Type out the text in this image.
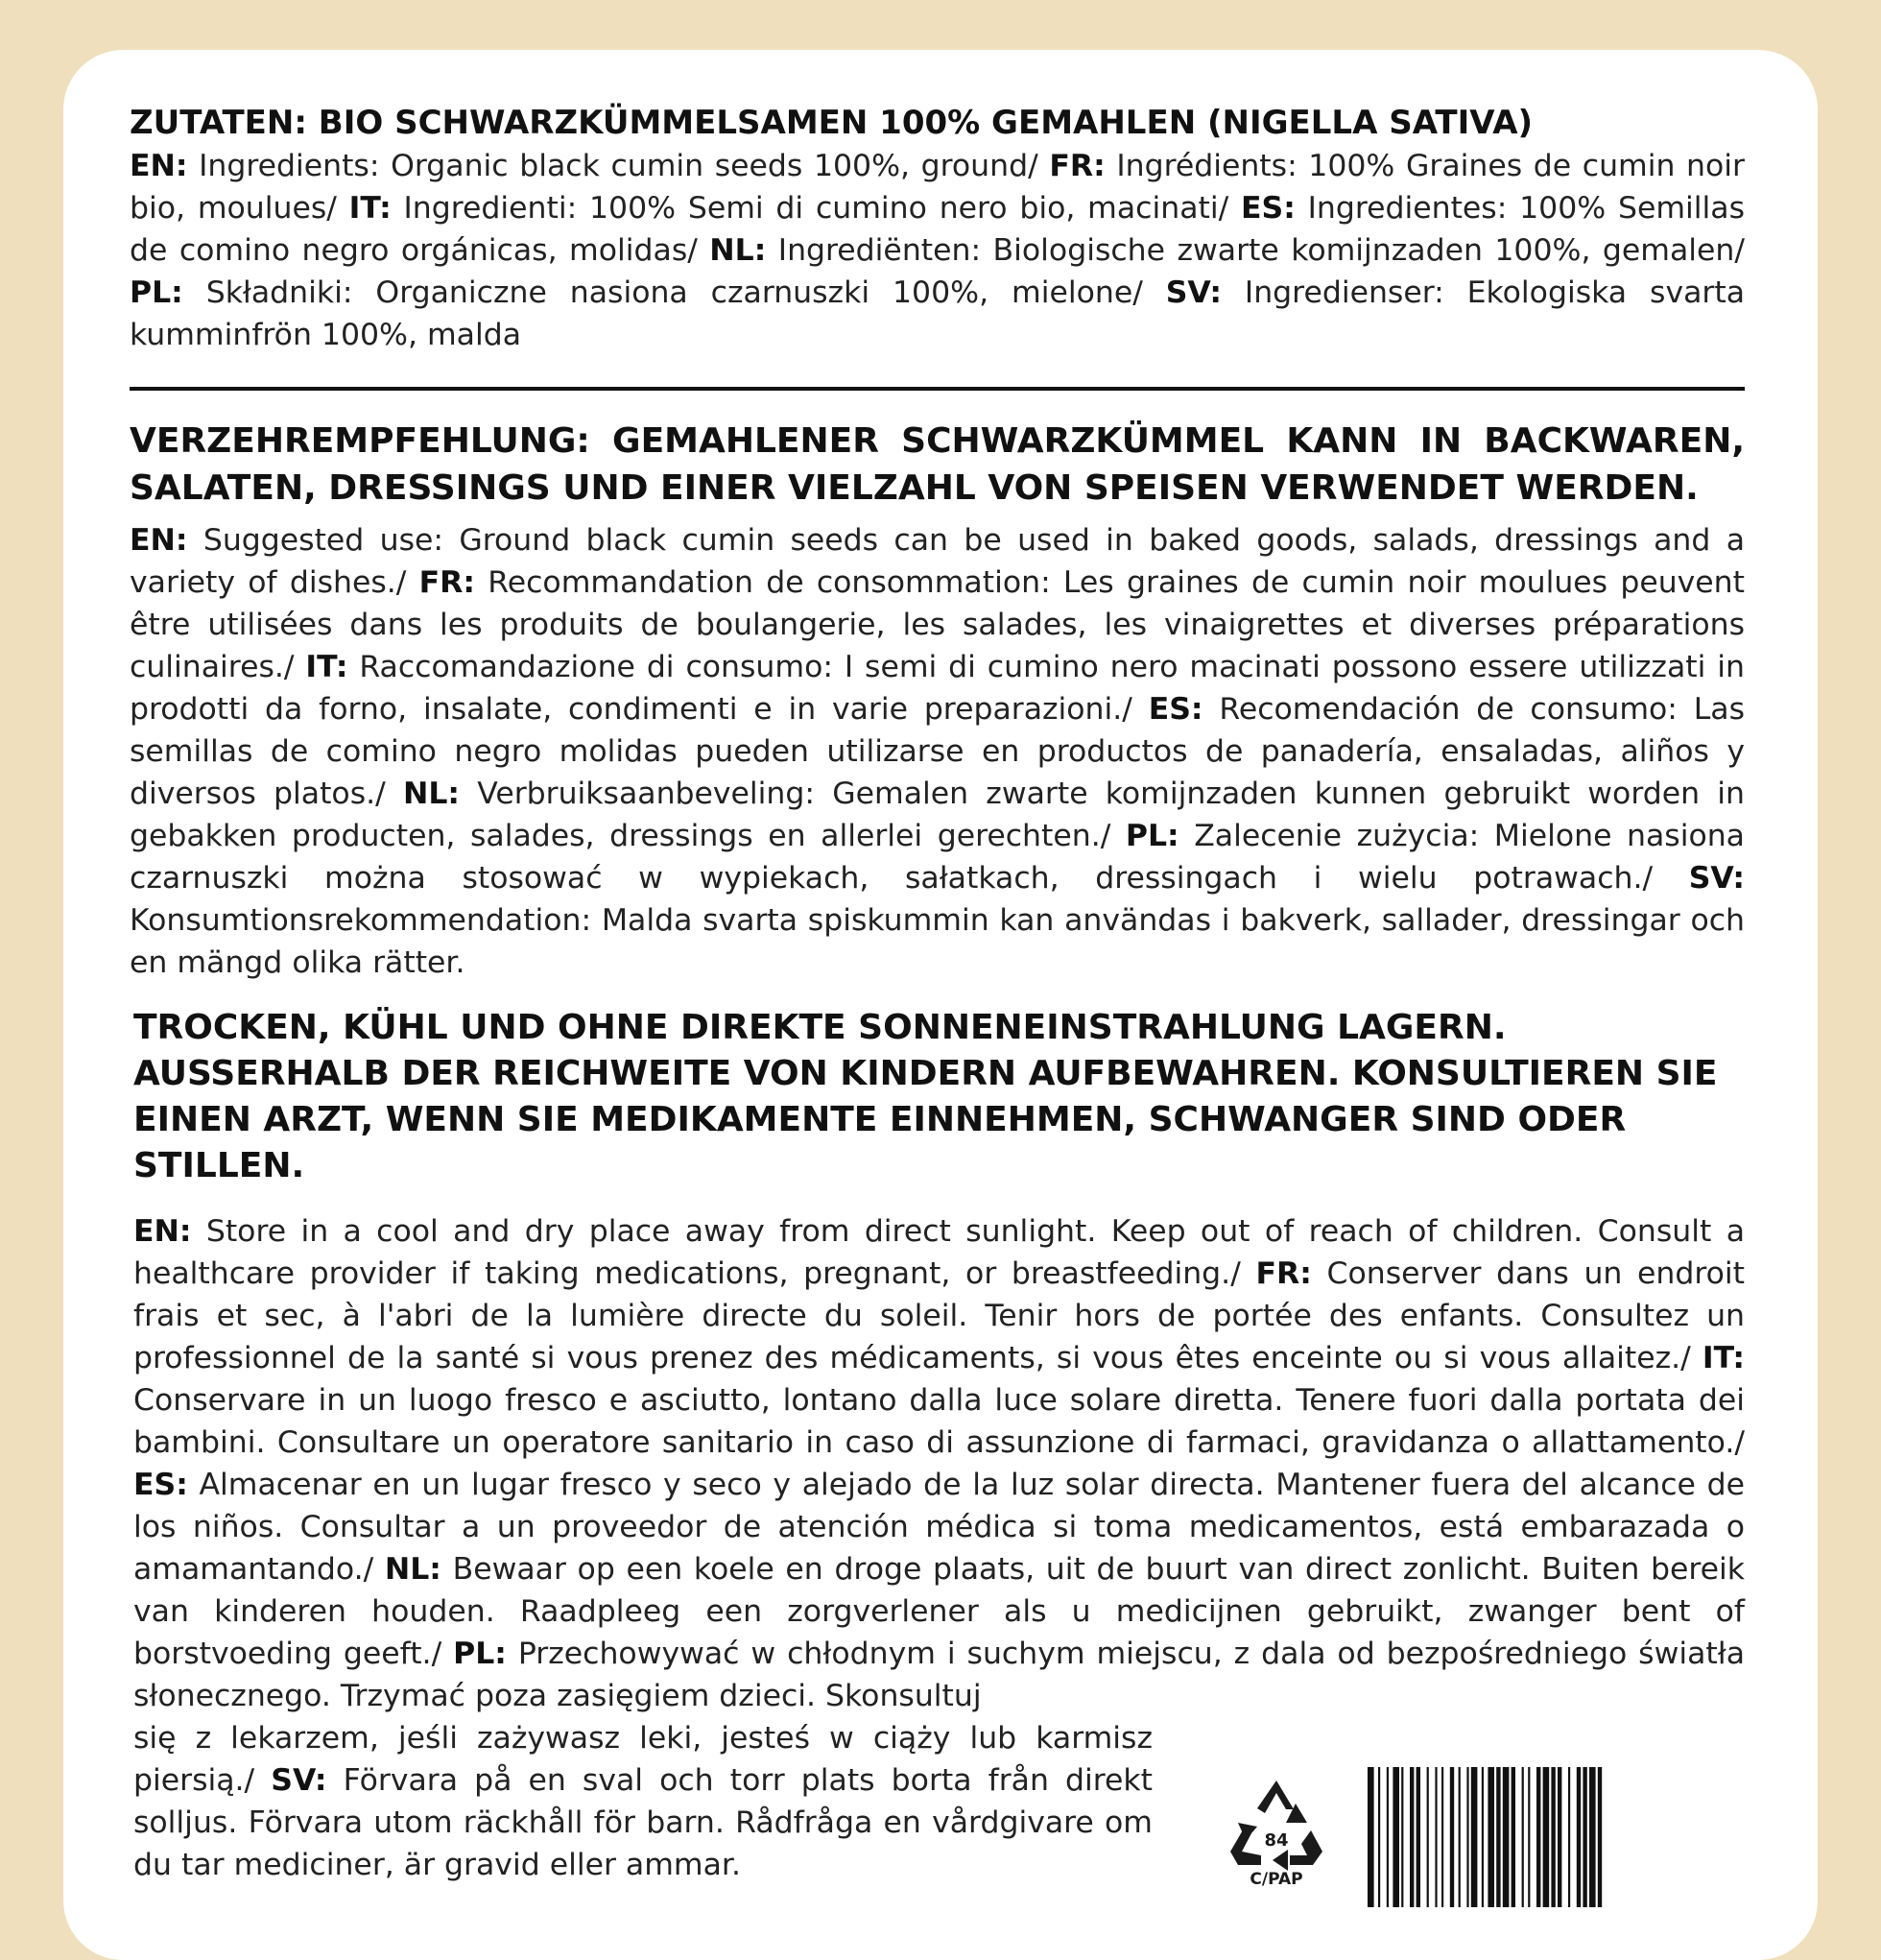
ZUTATEN: BIO SCHWARZKÜMMELSAMEN 100% GEMAHLEN (NIGELLA SATIVA)

EN: Ingredients: Organic black cumin seeds 100%, ground/ FR: Ingrédients: 100% Graines de cumin noir bio, moulues/ IT: Ingredienti: 100% Semi di cumino nero bio, macinati/ ES: Ingredientes: 100% Semillas de comino negro orgánicas, molidas/ NL: Ingrediënten: Biologische zwarte komijnzaden 100%, gemalen/ PL: Składniki: Organiczne nasiona czarnuszki 100%, mielone/ SV: Ingredienser: Ekologiska svarta kumminfrön 100%, malda

VERZEHREMPFEHLUNG: GEMAHLENER SCHWARZKÜMMEL KANN IN BACKWAREN, SALATEN, DRESSINGS UND EINER VIELZAHL VON SPEISEN VERWENDET WERDEN.

EN: Suggested use: Ground black cumin seeds can be used in baked goods, salads, dressings and a variety of dishes./ FR: Recommandation de consommation: Les graines de cumin noir moulues peuvent être utilisées dans les produits de boulangerie, les salades, les vinaigrettes et diverses préparations culinaires./ IT: Raccomandazione di consumo: I semi di cumino nero macinati possono essere utilizzati in prodotti da forno, insalate, condimenti e in varie preparazioni./ ES: Recomendación de consumo: Las semillas de comino negro molidas pueden utilizarse en productos de panadería, ensaladas, aliños y diversos platos./ NL: Verbruiksaanbeveling: Gemalen zwarte komijnzaden kunnen gebruikt worden in gebakken producten, salades, dressings en allerlei gerechten./ PL: Zalecenie zużycia: Mielone nasiona czarnuszki można stosować w wypiekach, sałatkach, dressingach i wielu potrawach./ SV: Konsumtionsrekommendation: Malda svarta spiskummin kan användas i bakverk, sallader, dressingar och en mängd olika rätter.

TROCKEN, KÜHL UND OHNE DIREKTE SONNENEINSTRAHLUNG LAGERN. AUSSERHALB DER REICHWEITE VON KINDERN AUFBEWAHREN. KONSULTIEREN SIE EINEN ARZT, WENN SIE MEDIKAMENTE EINNEHMEN, SCHWANGER SIND ODER STILLEN.

EN: Store in a cool and dry place away from direct sunlight. Keep out of reach of children. Consult a healthcare provider if taking medications, pregnant, or breastfeeding./ FR: Conserver dans un endroit frais et sec, à l'abri de la lumière directe du soleil. Tenir hors de portée des enfants. Consultez un professionnel de la santé si vous prenez des médicaments, si vous êtes enceinte ou si vous allaitez./ IT: Conservare in un luogo fresco e asciutto, lontano dalla luce solare diretta. Tenere fuori dalla portata dei bambini. Consultare un operatore sanitario in caso di assunzione di farmaci, gravidanza o allattamento./ ES: Almacenar en un lugar fresco y seco y alejado de la luz solar directa. Mantener fuera del alcance de los niños. Consultar a un proveedor de atención médica si toma medicamentos, está embarazada o amamantando./ NL: Bewaar op een koele en droge plaats, uit de buurt van direct zonlicht. Buiten bereik van kinderen houden. Raadpleeg een zorgverlener als u medicijnen gebruikt, zwanger bent of borstvoeding geeft./ PL: Przechowywać w chłodnym i suchym miejscu, z dala od bezpośredniego światła słonecznego. Trzymać poza zasięgiem dzieci. Skonsultuj

się z lekarzem, jeśli zażywasz leki, jesteś w ciąży lub karmisz piersią./ SV: Förvara på en sval och torr plats borta från direkt solljus. Förvara utom räckhåll för barn. Rådfråga en vårdgivare om du tar mediciner, är gravid eller ammar.

84
C/PAP
